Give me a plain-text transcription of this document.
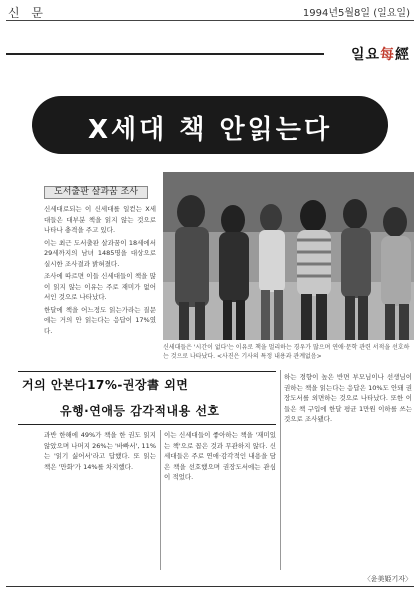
신 문	1994년5월8일 (일요일)
일요每經
X세대 책 안읽는다
도서출판 살과꿈 조사

신세대로되는 이 신세대를 일컫는 X세대들은 대부분 책을 읽지 않는 것으로 나타나 충격을 주고 있다.

이는 최근 도서출판 살과꿈이 18세에서 29세까지의 남녀 1485명을 대상으로 실시한 조사결과 밝혀졌다.

조사에 따르면 이들 신세대들이 책을 많이 읽지 않는 이유는 주로 재미가 없어서인 것으로 나타났다.

한달에 책을 어느정도 읽는가라는 질문에는 거의 안 읽는다는 응답이 17%였다.

신세대들은 '시간이 없다'는 이유로 책을 멀리하는 경우가 많으며 연애·문학 관련 서적을 선호하는 것으로 나타났다. <사진은 기사의 특정 내용과 관계없음>
거의 안본다17%-권장書 외면
유행·연애등 감각적내용 선호

과반 한해에 49%가 책을 한 권도 읽지 않았으며 나머지 26%는 '바빠서', 11%는 '읽기 싫어서'라고 답했다. 또 읽는 책은 '만화'가 14%를 차지했다.

이는 신세대들이 좋아하는 책을 '재미있는 책'으로 꼽은 것과 무관하지 않다. 신세대들은 주로 연애·감각적인 내용을 담은 책을 선호했으며 권장도서에는 관심이 적었다.

하는 경향이 높은 반면 부모님이나 선생님이 권하는 책을 읽는다는 응답은 10%도 안돼 권장도서를 외면하는 것으로 나타났다. 또한 이들은 책 구입에 한달 평균 1만원 이하를 쓰는 것으로 조사됐다.

〈윤美姫기자〉
